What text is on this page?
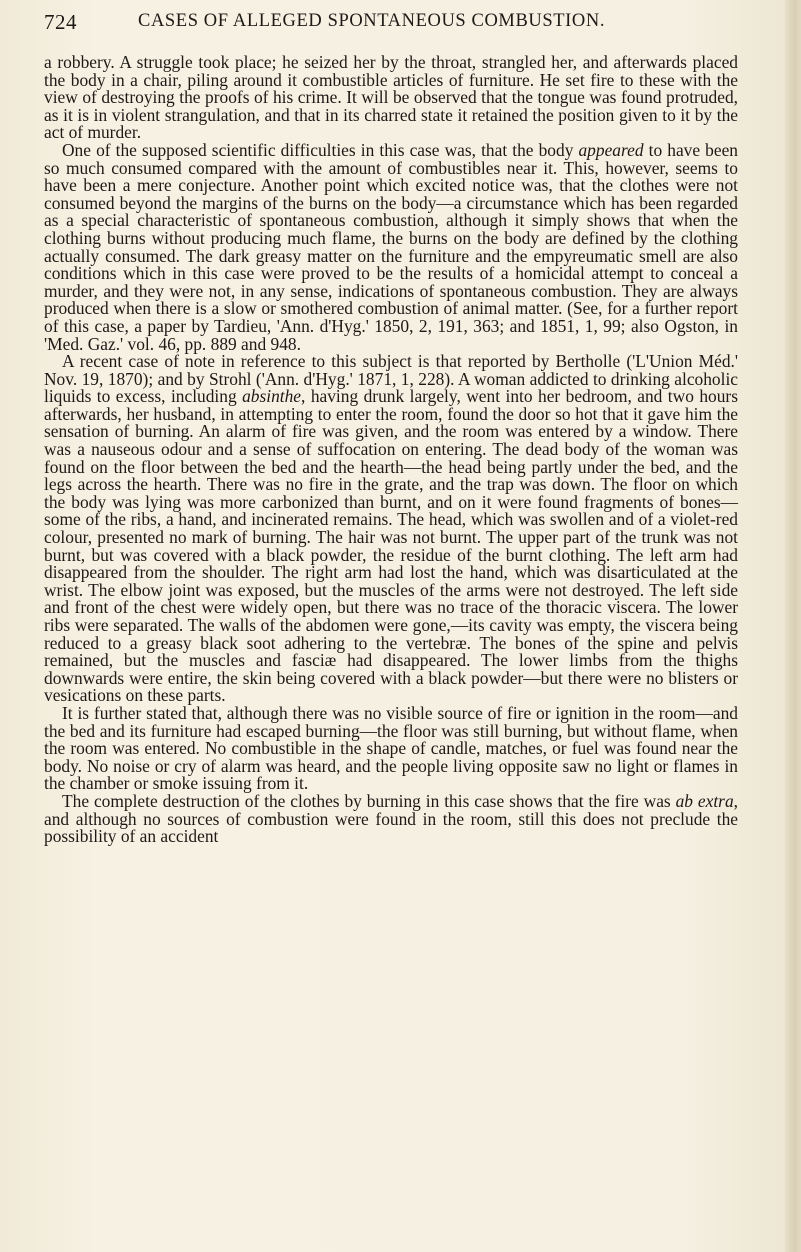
724	CASES OF ALLEGED SPONTANEOUS COMBUSTION.

a robbery. A struggle took place; he seized her by the throat, strangled her, and afterwards placed the body in a chair, piling around it combustible articles of furniture. He set fire to these with the view of destroying the proofs of his crime. It will be observed that the tongue was found protruded, as it is in violent strangulation, and that in its charred state it retained the position given to it by the act of murder.

One of the supposed scientific difficulties in this case was, that the body appeared to have been so much consumed compared with the amount of combustibles near it. This, however, seems to have been a mere conjecture. Another point which excited notice was, that the clothes were not consumed beyond the margins of the burns on the body—a circumstance which has been regarded as a special characteristic of spontaneous combustion, although it simply shows that when the clothing burns without producing much flame, the burns on the body are defined by the clothing actually consumed. The dark greasy matter on the furniture and the empyreumatic smell are also conditions which in this case were proved to be the results of a homicidal attempt to conceal a murder, and they were not, in any sense, indications of spontaneous combustion. They are always produced when there is a slow or smothered combustion of animal matter. (See, for a further report of this case, a paper by Tardieu, 'Ann. d'Hyg.' 1850, 2, 191, 363; and 1851, 1, 99; also Ogston, in 'Med. Gaz.' vol. 46, pp. 889 and 948.

A recent case of note in reference to this subject is that reported by Bertholle ('L'Union Méd.' Nov. 19, 1870); and by Strohl ('Ann. d'Hyg.' 1871, 1, 228). A woman addicted to drinking alcoholic liquids to excess, including absinthe, having drunk largely, went into her bedroom, and two hours afterwards, her husband, in attempting to enter the room, found the door so hot that it gave him the sensation of burning. An alarm of fire was given, and the room was entered by a window. There was a nauseous odour and a sense of suffocation on entering. The dead body of the woman was found on the floor between the bed and the hearth—the head being partly under the bed, and the legs across the hearth. There was no fire in the grate, and the trap was down. The floor on which the body was lying was more carbonized than burnt, and on it were found fragments of bones—some of the ribs, a hand, and incinerated remains. The head, which was swollen and of a violet-red colour, presented no mark of burning. The hair was not burnt. The upper part of the trunk was not burnt, but was covered with a black powder, the residue of the burnt clothing. The left arm had disappeared from the shoulder. The right arm had lost the hand, which was disarticulated at the wrist. The elbow joint was exposed, but the muscles of the arms were not destroyed. The left side and front of the chest were widely open, but there was no trace of the thoracic viscera. The lower ribs were separated. The walls of the abdomen were gone,—its cavity was empty, the viscera being reduced to a greasy black soot adhering to the vertebræ. The bones of the spine and pelvis remained, but the muscles and fasciæ had disappeared. The lower limbs from the thighs downwards were entire, the skin being covered with a black powder—but there were no blisters or vesications on these parts.

It is further stated that, although there was no visible source of fire or ignition in the room—and the bed and its furniture had escaped burning—the floor was still burning, but without flame, when the room was entered. No combustible in the shape of candle, matches, or fuel was found near the body. No noise or cry of alarm was heard, and the people living opposite saw no light or flames in the chamber or smoke issuing from it.

The complete destruction of the clothes by burning in this case shows that the fire was ab extra, and although no sources of combustion were found in the room, still this does not preclude the possibility of an accident
